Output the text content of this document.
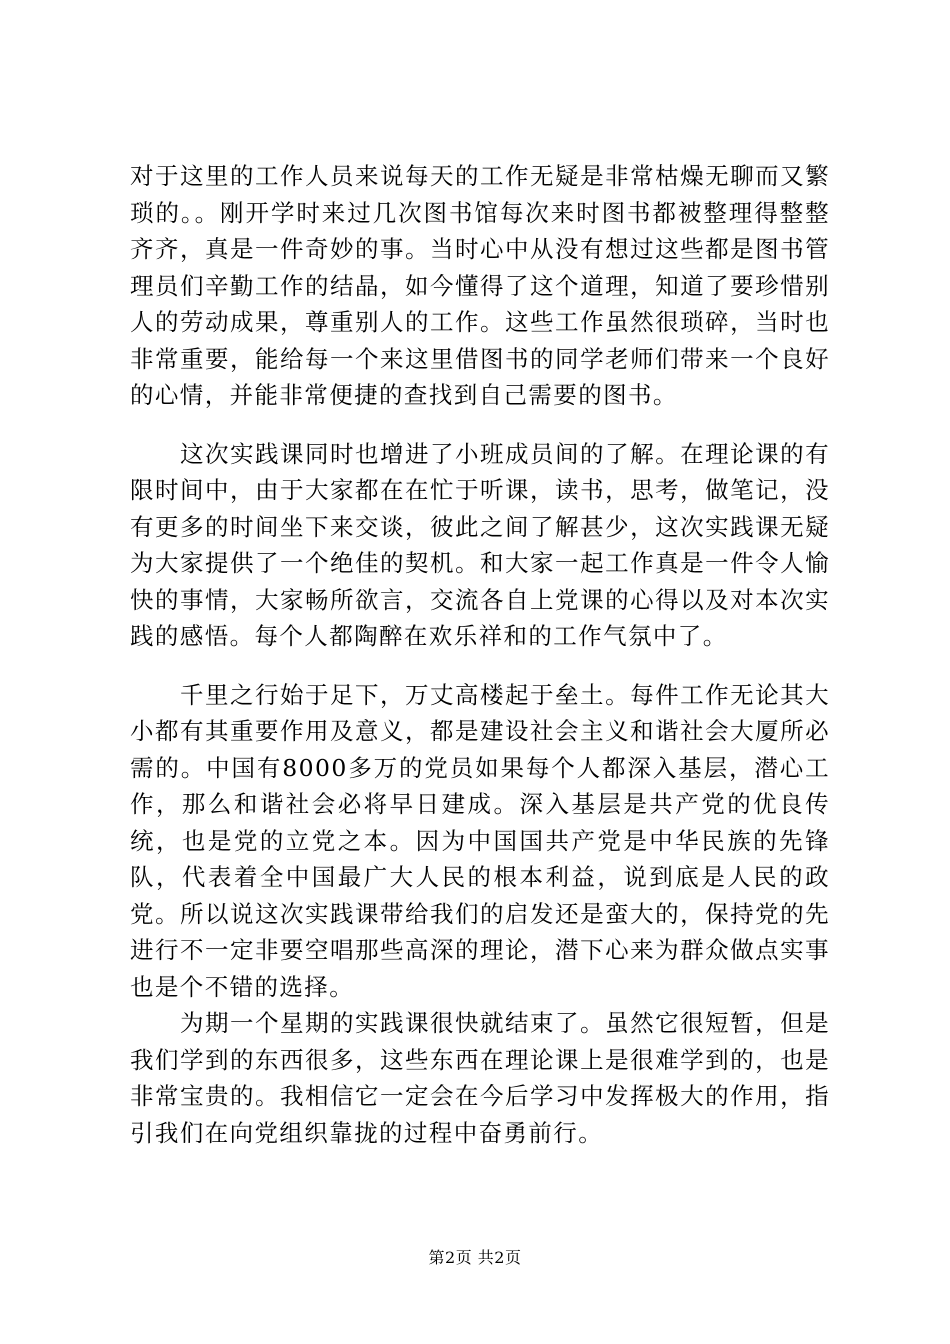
对于这里的工作人员来说每天的工作无疑是非常枯燥无聊而又繁琐的。。刚开学时来过几次图书馆每次来时图书都被整理得整整齐齐，真是一件奇妙的事。当时心中从没有想过这些都是图书管理员们辛勤工作的结晶，如今懂得了这个道理，知道了要珍惜别人的劳动成果，尊重别人的工作。这些工作虽然很琐碎，当时也非常重要，能给每一个来这里借图书的同学老师们带来一个良好的心情，并能非常便捷的查找到自己需要的图书。

这次实践课同时也增进了小班成员间的了解。在理论课的有限时间中，由于大家都在在忙于听课，读书，思考，做笔记，没有更多的时间坐下来交谈，彼此之间了解甚少，这次实践课无疑为大家提供了一个绝佳的契机。和大家一起工作真是一件令人愉快的事情，大家畅所欲言，交流各自上党课的心得以及对本次实践的感悟。每个人都陶醉在欢乐祥和的工作气氛中了。

千里之行始于足下，万丈高楼起于垒土。每件工作无论其大小都有其重要作用及意义，都是建设社会主义和谐社会大厦所必需的。中国有8000多万的党员如果每个人都深入基层，潜心工作，那么和谐社会必将早日建成。深入基层是共产党的优良传统，也是党的立党之本。因为中国国共产党是中华民族的先锋队，代表着全中国最广大人民的根本利益，说到底是人民的政党。所以说这次实践课带给我们的启发还是蛮大的，保持党的先进行不一定非要空唱那些高深的理论，潜下心来为群众做点实事也是个不错的选择。

为期一个星期的实践课很快就结束了。虽然它很短暂，但是我们学到的东西很多，这些东西在理论课上是很难学到的，也是非常宝贵的。我相信它一定会在今后学习中发挥极大的作用，指引我们在向党组织靠拢的过程中奋勇前行。

第2页 共2页
